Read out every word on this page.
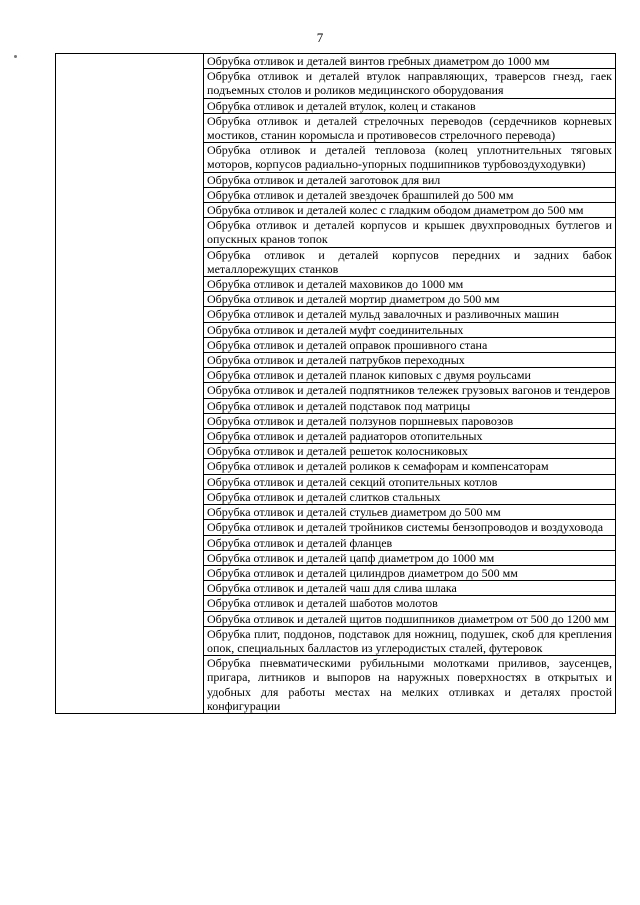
7
	Обрубка отливок и деталей винтов гребных диаметром до 1000 мм
Обрубка отливок и деталей втулок направляющих, траверсов гнезд, гаек подъемных столов и роликов медицинского оборудования
Обрубка отливок и деталей втулок, колец и стаканов
Обрубка отливок и деталей стрелочных переводов (сердечников корневых мостиков, станин коромысла и противовесов стрелочного перевода)
Обрубка отливок и деталей тепловоза (колец уплотнительных тяговых моторов, корпусов радиально-упорных подшипников турбовоздуходувки)
Обрубка отливок и деталей заготовок для вил
Обрубка отливок и деталей звездочек брашпилей до 500 мм
Обрубка отливок и деталей колес с гладким ободом диаметром до 500 мм
Обрубка отливок и деталей корпусов и крышек двухпроводных бутлегов и опускных кранов топок
Обрубка отливок и деталей корпусов передних и задних бабок металлорежущих станков
Обрубка отливок и деталей маховиков до 1000 мм
Обрубка отливок и деталей мортир диаметром до 500 мм
Обрубка отливок и деталей мульд завалочных и разливочных машин
Обрубка отливок и деталей муфт соединительных
Обрубка отливок и деталей оправок прошивного стана
Обрубка отливок и деталей патрубков переходных
Обрубка отливок и деталей планок киповых с двумя роульсами
Обрубка отливок и деталей подпятников тележек грузовых вагонов и тендеров
Обрубка отливок и деталей подставок под матрицы
Обрубка отливок и деталей ползунов поршневых паровозов
Обрубка отливок и деталей радиаторов отопительных
Обрубка отливок и деталей решеток колосниковых
Обрубка отливок и деталей роликов к семафорам и компенсаторам
Обрубка отливок и деталей секций отопительных котлов
Обрубка отливок и деталей слитков стальных
Обрубка отливок и деталей стульев диаметром до 500 мм
Обрубка отливок и деталей тройников системы бензопроводов и воздуховода
Обрубка отливок и деталей фланцев
Обрубка отливок и деталей цапф диаметром до 1000 мм
Обрубка отливок и деталей цилиндров диаметром до 500 мм
Обрубка отливок и деталей чаш для слива шлака
Обрубка отливок и деталей шаботов молотов
Обрубка отливок и деталей щитов подшипников диаметром от 500 до 1200 мм
Обрубка плит, поддонов, подставок для ножниц, подушек, скоб для крепления опок, специальных балластов из углеродистых сталей, футеровок
Обрубка пневматическими рубильными молотками приливов, заусенцев, пригара, литников и выпоров на наружных поверхностях в открытых и удобных для работы местах на мелких отливках и деталях простой конфигурации
